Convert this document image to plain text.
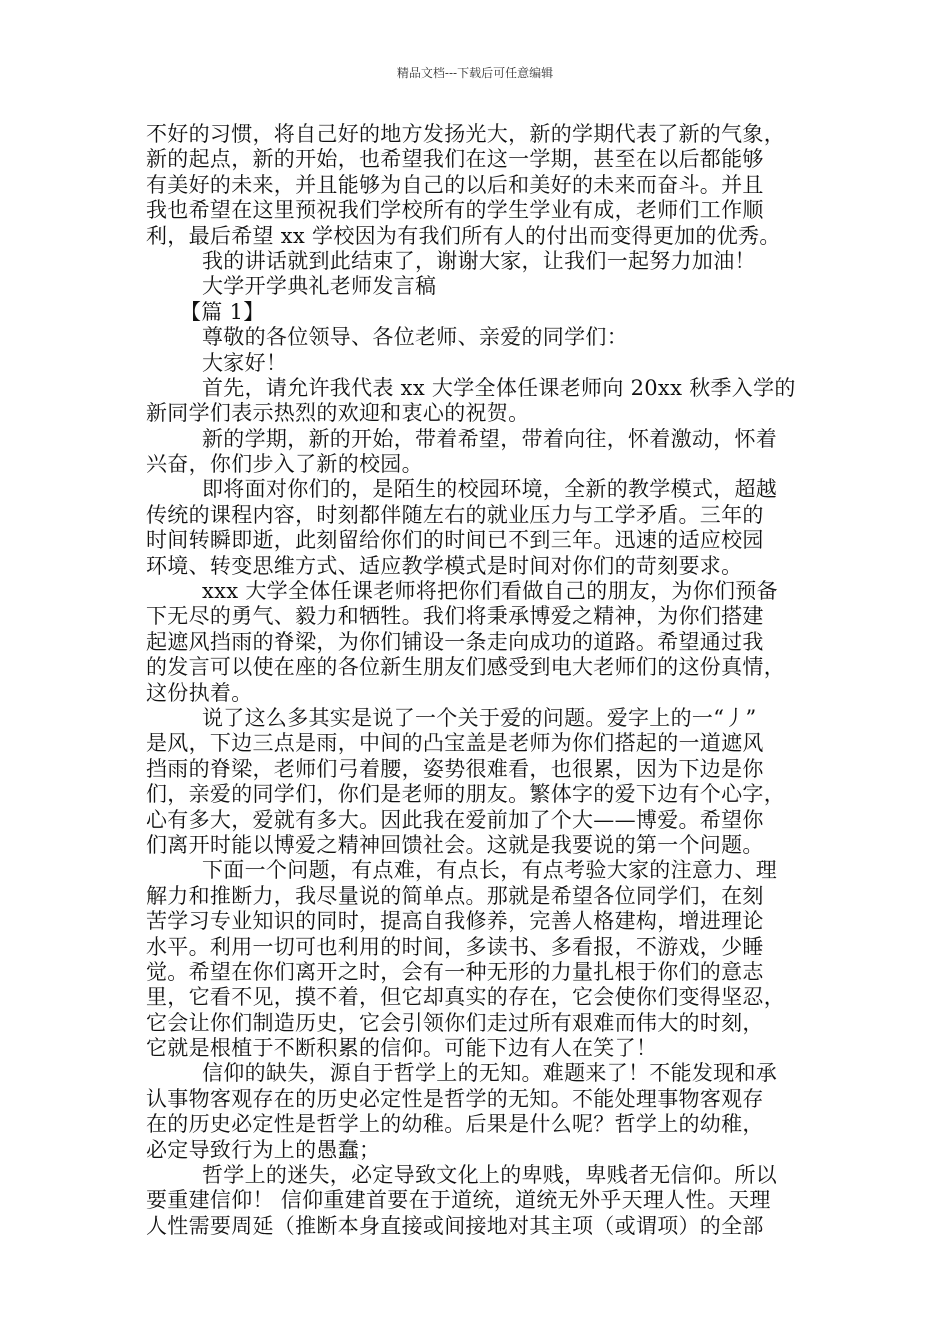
精品文档---下载后可任意编辑
不好的习惯，将自己好的地方发扬光大，新的学期代表了新的气象，
新的起点，新的开始，也希望我们在这一学期，甚至在以后都能够
有美好的未来，并且能够为自己的以后和美好的未来而奋斗。并且
我也希望在这里预祝我们学校所有的学生学业有成，老师们工作顺
利，最后希望 xx 学校因为有我们所有人的付出而变得更加的优秀。
我的讲话就到此结束了，谢谢大家，让我们一起努力加油！
大学开学典礼老师发言稿
【篇 1】
尊敬的各位领导、各位老师、亲爱的同学们：
大家好！
首先，请允许我代表 xx 大学全体任课老师向 20xx 秋季入学的
新同学们表示热烈的欢迎和衷心的祝贺。
新的学期，新的开始，带着希望，带着向往，怀着激动，怀着
兴奋，你们步入了新的校园。
即将面对你们的，是陌生的校园环境，全新的教学模式，超越
传统的课程内容，时刻都伴随左右的就业压力与工学矛盾。三年的
时间转瞬即逝，此刻留给你们的时间已不到三年。迅速的适应校园
环境、转变思维方式、适应教学模式是时间对你们的苛刻要求。
xxx 大学全体任课老师将把你们看做自己的朋友，为你们预备
下无尽的勇气、毅力和牺牲。我们将秉承博爱之精神，为你们搭建
起遮风挡雨的脊梁，为你们铺设一条走向成功的道路。希望通过我
的发言可以使在座的各位新生朋友们感受到电大老师们的这份真情，
这份执着。
说了这么多其实是说了一个关于爱的问题。爱字上的一“丿”
是风，下边三点是雨，中间的凸宝盖是老师为你们搭起的一道遮风
挡雨的脊梁，老师们弓着腰，姿势很难看，也很累，因为下边是你
们，亲爱的同学们，你们是老师的朋友。繁体字的爱下边有个心字，
心有多大，爱就有多大。因此我在爱前加了个大——博爱。希望你
们离开时能以博爱之精神回馈社会。这就是我要说的第一个问题。
下面一个问题，有点难，有点长，有点考验大家的注意力、理
解力和推断力，我尽量说的简单点。那就是希望各位同学们，在刻
苦学习专业知识的同时，提高自我修养，完善人格建构，增进理论
水平。利用一切可也利用的时间，多读书、多看报，不游戏，少睡
觉。希望在你们离开之时，会有一种无形的力量扎根于你们的意志
里，它看不见，摸不着，但它却真实的存在，它会使你们变得坚忍，
它会让你们制造历史，它会引领你们走过所有艰难而伟大的时刻，
它就是根植于不断积累的信仰。可能下边有人在笑了！
信仰的缺失，源自于哲学上的无知。难题来了！不能发现和承
认事物客观存在的历史必定性是哲学的无知。不能处理事物客观存
在的历史必定性是哲学上的幼稚。后果是什么呢？哲学上的幼稚，
必定导致行为上的愚蠢；
哲学上的迷失，必定导致文化上的卑贱，卑贱者无信仰。所以
要重建信仰！ 信仰重建首要在于道统，道统无外乎天理人性。天理
人性需要周延（推断本身直接或间接地对其主项（或谓项）的全部
